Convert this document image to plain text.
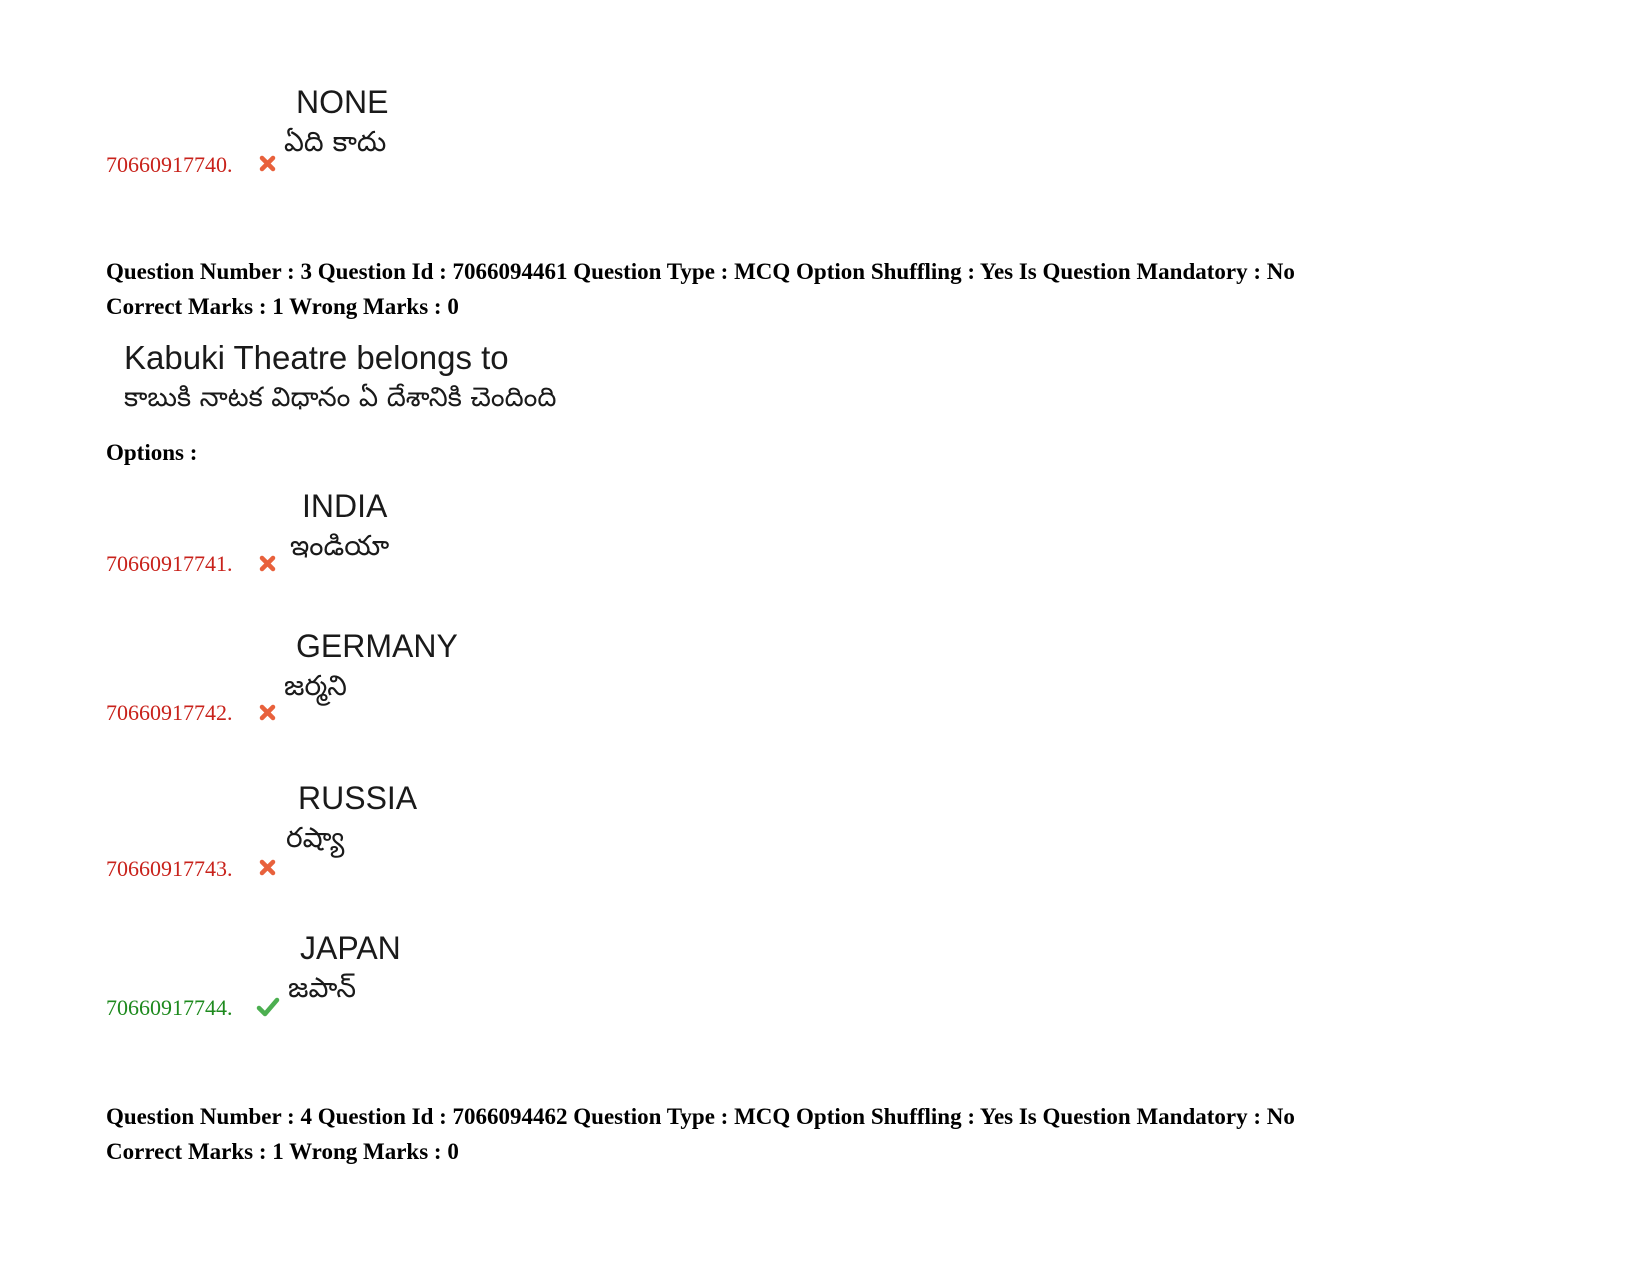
NONE
ఏది కాదు
70660917740.
Question Number : 3 Question Id : 7066094461 Question Type : MCQ Option Shuffling : Yes Is Question Mandatory : No
Correct Marks : 1 Wrong Marks : 0
Kabuki Theatre belongs to
కాబుకి నాటక విధానం ఏ దేశానికి చెందింది
Options :
INDIA
ఇండియా
70660917741.
GERMANY
జర్మని
70660917742.
RUSSIA
రష్యా
70660917743.
JAPAN
జపాన్
70660917744.
Question Number : 4 Question Id : 7066094462 Question Type : MCQ Option Shuffling : Yes Is Question Mandatory : No
Correct Marks : 1 Wrong Marks : 0
